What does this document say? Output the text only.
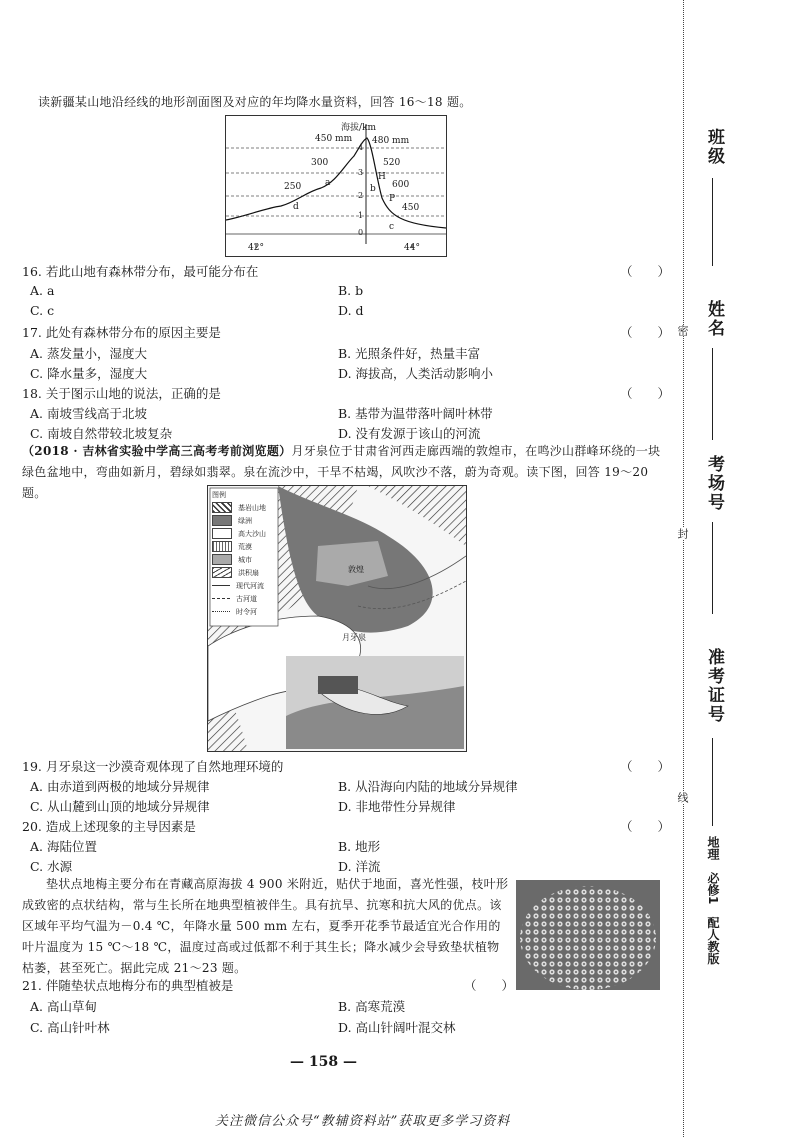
读新疆某山地沿经线的地形剖面图及对应的年均降水量资料，回答 16～18 题。
海拔/km
450 mm 480 mm
4
3
2
1
0
300
250
520
600
450
a
b
H
P
d
c
42°	44°
16. 若此山地有森林带分布，最可能分布在	（　　）
A. a	B. b
C. c	D. d
17. 此处有森林带分布的原因主要是	（　　）
A. 蒸发量小，湿度大	B. 光照条件好，热量丰富
C. 降水量多，湿度大	D. 海拔高，人类活动影响小
18. 关于图示山地的说法，正确的是	（　　）
A. 南坡雪线高于北坡	B. 基带为温带落叶阔叶林带
C. 南坡自然带较北坡复杂	D. 没有发源于该山的河流
（2018 · 吉林省实验中学高三高考考前浏览题）月牙泉位于甘肃省河西走廊西端的敦煌市，在鸣沙山群峰环绕的一块绿色盆地中，弯曲如新月，碧绿如翡翠。泉在流沙中，干旱不枯竭，风吹沙不落，蔚为奇观。读下图，回答 19～20 题。	图例
基岩山地
绿洲
高大沙山
荒漠
城市
洪积扇
现代河流
古河道
时令河
敦煌
月牙泉
19. 月牙泉这一沙漠奇观体现了自然地理环境的	（　　）
A. 由赤道到两极的地域分异规律	B. 从沿海向内陆的地域分异规律
C. 从山麓到山顶的地域分异规律	D. 非地带性分异规律
20. 造成上述现象的主导因素是	（　　）
A. 海陆位置	B. 地形
C. 水源	D. 洋流
垫状点地梅主要分布在青藏高原海拔 4 900 米附近，贴伏于地面，喜光性强，枝叶形成致密的点状结构，常与生长所在地典型植被伴生。具有抗旱、抗寒和抗大风的优点。该区域年平均气温为－0.4 ℃，年降水量 500 mm 左右，夏季开花季节最适宜光合作用的叶片温度为 15 ℃～18 ℃，温度过高或过低都不利于其生长；降水减少会导致垫状植物枯萎，甚至死亡。据此完成 21～23 题。
21. 伴随垫状点地梅分布的典型植被是	（　　）
A. 高山草甸	B. 高寒荒漠
C. 高山针叶林	D. 高山针阔叶混交林
— 158 —
关注微信公众号“教辅资料站”获取更多学习资料
班级
姓名
考场号
准考证号
密
封
线
地理　必修1　配人教版
